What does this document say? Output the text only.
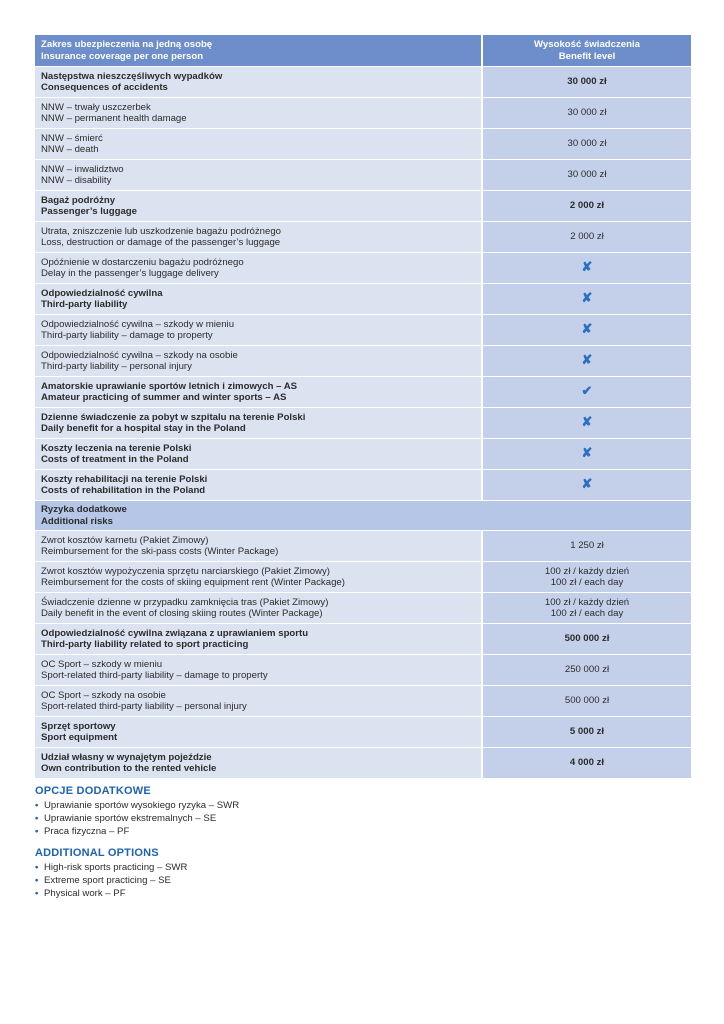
Zakres ubezpieczenia na jedną osobę
Insurance coverage per one person	Wysokość świadczenia
Benefit level

Następstwa nieszczęśliwych wypadków
Consequences of accidents	30 000 zł

NNW – trwały uszczerbek
NNW – permanent health damage	30 000 zł

NNW – śmierć
NNW – death	30 000 zł

NNW – inwalidztwo
NNW – disability	30 000 zł

Bagaż podróżny
Passenger’s luggage	2 000 zł

Utrata, zniszczenie lub uszkodzenie bagażu podróżnego
Loss, destruction or damage of the passenger’s luggage	2 000 zł

Opóźnienie w dostarczeniu bagażu podróżnego
Delay in the passenger’s luggage delivery	✘

Odpowiedzialność cywilna
Third-party liability	✘

Odpowiedzialność cywilna – szkody w mieniu
Third-party liability – damage to property	✘

Odpowiedzialność cywilna – szkody na osobie
Third-party liability – personal injury	✘

Amatorskie uprawianie sportów letnich i zimowych – AS
Amateur practicing of summer and winter sports – AS	✔

Dzienne świadczenie za pobyt w szpitalu na terenie Polski
Daily benefit for a hospital stay in the Poland	✘

Koszty leczenia na terenie Polski
Costs of treatment in the Poland	✘

Koszty rehabilitacji na terenie Polski
Costs of rehabilitation in the Poland	✘

Ryzyka dodatkowe
Additional risks	

Zwrot kosztów karnetu (Pakiet Zimowy)
Reimbursement for the ski-pass costs (Winter Package)	1 250 zł

Zwrot kosztów wypożyczenia sprzętu narciarskiego (Pakiet Zimowy)
Reimbursement for the costs of skiing equipment rent (Winter Package)	100 zł / każdy dzień
100 zł / each day

Świadczenie dzienne w przypadku zamknięcia tras (Pakiet Zimowy)
Daily benefit in the event of closing skiing routes (Winter Package)	100 zł / każdy dzień
100 zł / each day

Odpowiedzialność cywilna związana z uprawianiem sportu
Third-party liability related to sport practicing	500 000 zł

OC Sport – szkody w mieniu
Sport-related third-party liability – damage to property	250 000 zł

OC Sport – szkody na osobie
Sport-related third-party liability – personal injury	500 000 zł

Sprzęt sportowy
Sport equipment	5 000 zł

Udział własny w wynajętym pojeździe
Own contribution to the rented vehicle	4 000 zł
OPCJE DODATKOWE
• Uprawianie sportów wysokiego ryzyka – SWR
• Uprawianie sportów ekstremalnych – SE
• Praca fizyczna – PF
ADDITIONAL OPTIONS
• High-risk sports practicing – SWR
• Extreme sport practicing – SE
• Physical work – PF
